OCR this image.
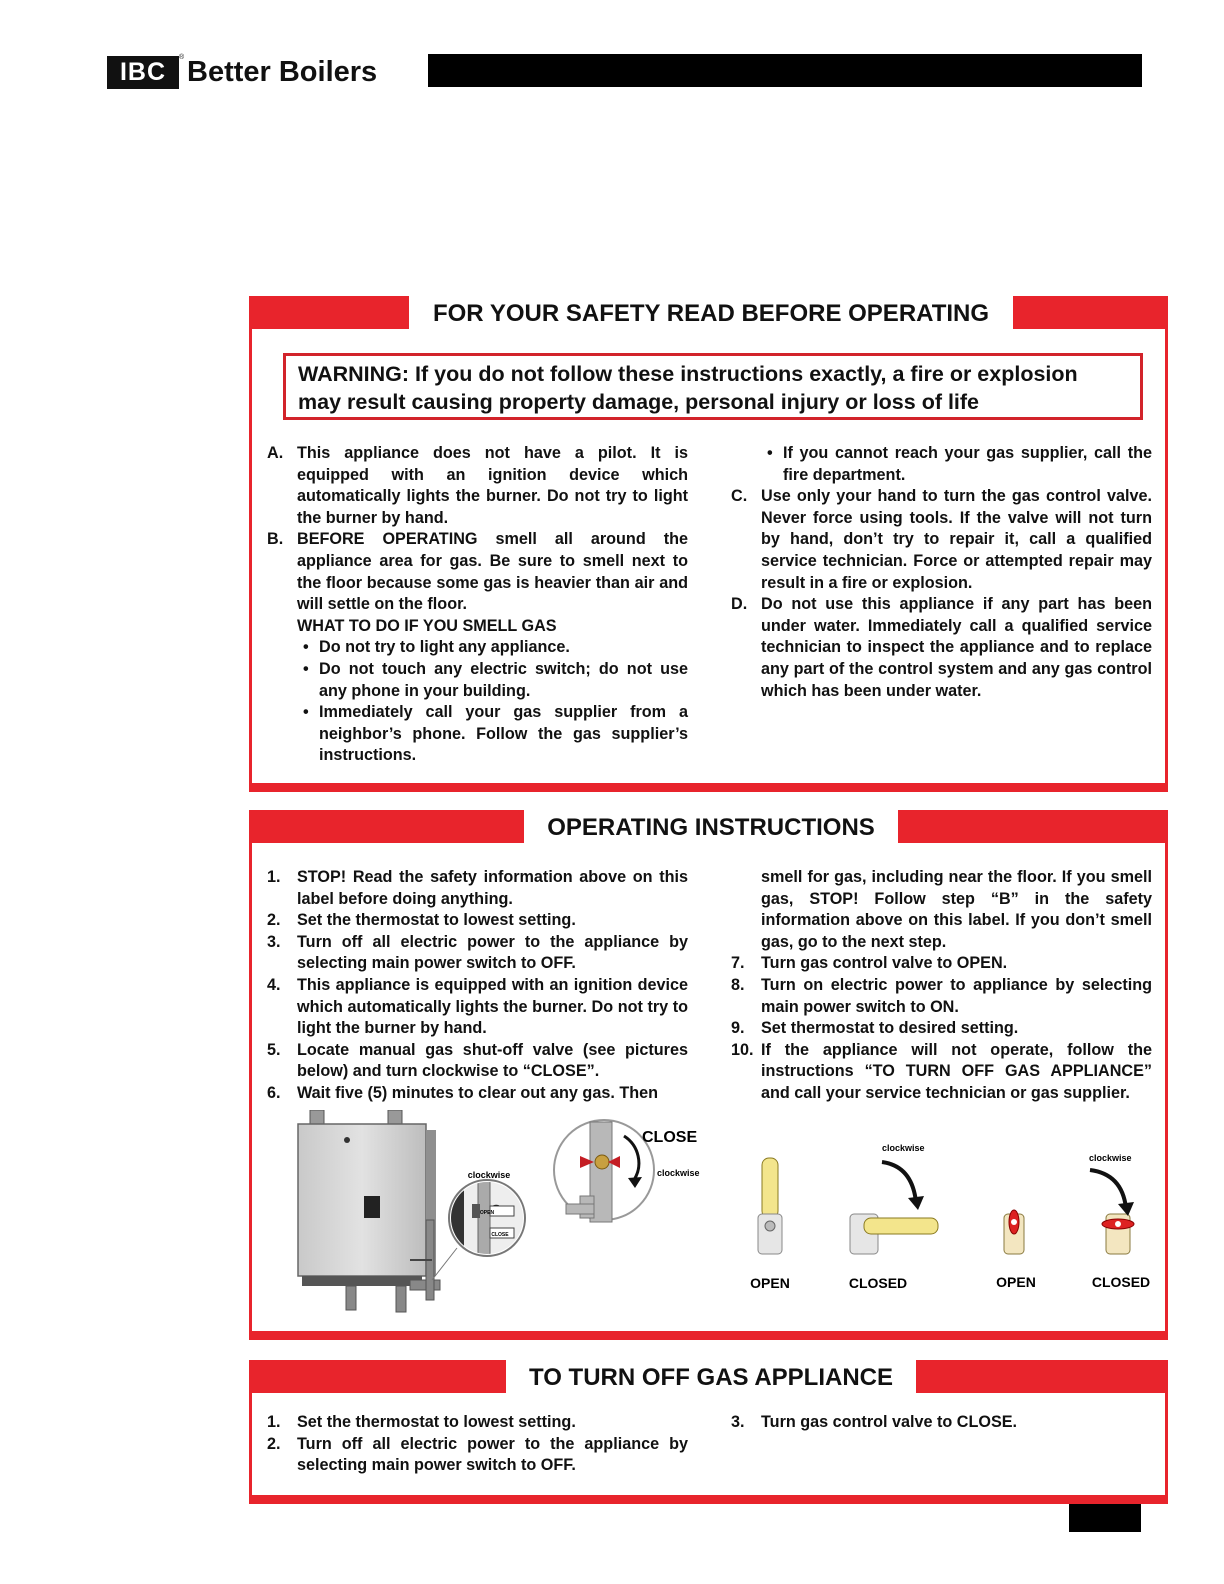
IBC
® Better Boilers
FOR YOUR SAFETY READ BEFORE OPERATING
WARNING: If you do not follow these instructions exactly, a fire or explosion
may result causing property damage, personal injury or loss of life
A. This appliance does not have a pilot. It is equipped with an ignition device which automatically lights the burner. Do not try to light the burner by hand.
B. BEFORE OPERATING smell all around the appliance area for gas. Be sure to smell next to the floor because some gas is heavier than air and will settle on the floor.
WHAT TO DO IF YOU SMELL GAS
• Do not try to light any appliance.
• Do not touch any electric switch; do not use any phone in your building.
• Immediately call your gas supplier from a neighbor’s phone. Follow the gas supplier’s instructions.
• If you cannot reach your gas supplier, call the fire department.
C. Use only your hand to turn the gas control valve. Never force using tools. If the valve will not turn by hand, don’t try to repair it, call a qualified service technician. Force or attempted repair may result in a fire or explosion.
D. Do not use this appliance if any part has been under water. Immediately call a qualified service technician to inspect the appliance and to replace any part of the control system and any gas control which has been under water.
OPERATING INSTRUCTIONS
1. STOP! Read the safety information above on this label before doing anything.
2. Set the thermostat to lowest setting.
3. Turn off all electric power to the appliance by selecting main power switch to OFF.
4. This appliance is equipped with an ignition device which automatically lights the burner. Do not try to light the burner by hand.
5. Locate manual gas shut-off valve (see pictures below) and turn clockwise to “CLOSE”.
6. Wait five (5) minutes to clear out any gas. Then
smell for gas, including near the floor. If you smell gas, STOP! Follow step “B” in the safety information above on this label. If you don’t smell gas, go to the next step.
7. Turn gas control valve to OPEN.
8. Turn on electric power to appliance by selecting main power switch to ON.
9. Set thermostat to desired setting.
10. If the appliance will not operate, follow the instructions “TO TURN OFF GAS APPLIANCE” and call your service technician or gas supplier.
OPEN
CLOSE
clockwise
CLOSE
clockwise
clockwise
clockwise
OPEN	CLOSED	OPEN	CLOSED
TO TURN OFF GAS APPLIANCE
1. Set the thermostat to lowest setting.
2. Turn off all electric power to the appliance by selecting main power switch to OFF.
3. Turn gas control valve to CLOSE.
